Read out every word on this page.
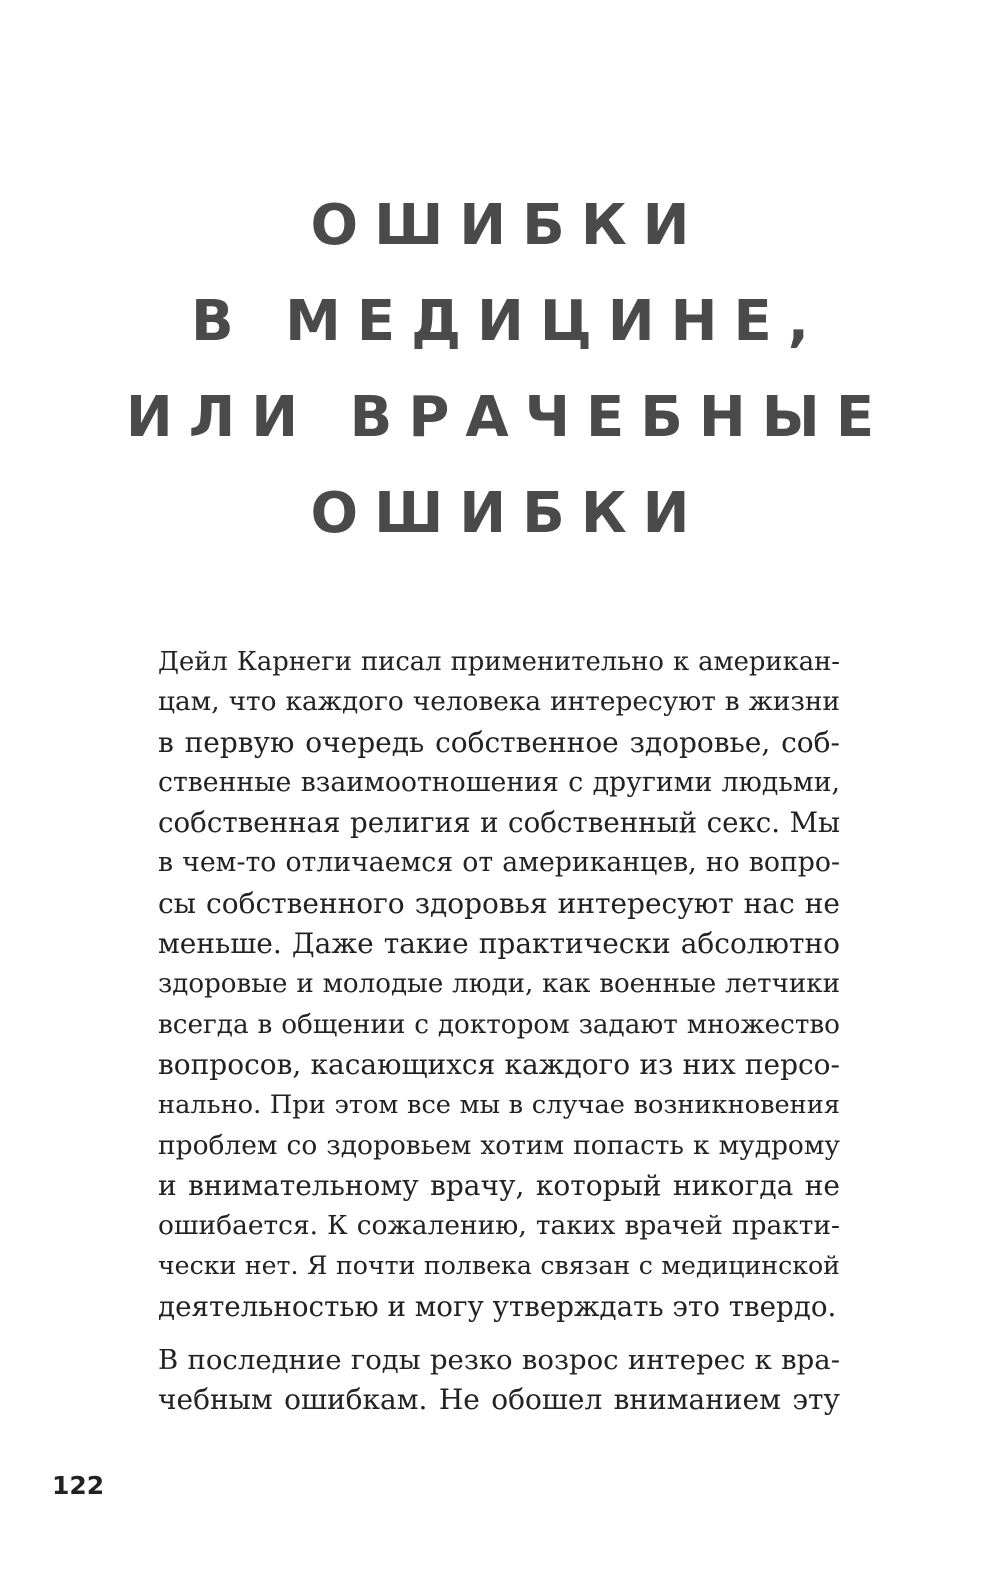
ОШИБКИ
В МЕДИЦИНЕ,
ИЛИ ВРАЧЕБНЫЕ
ОШИБКИ

Дейл Карнеги писал применительно к американ-
цам, что каждого человека интересуют в жизни
в первую очередь собственное здоровье, соб-
ственные взаимоотношения с другими людьми,
собственная религия и собственный секс. Мы
в чем-то отличаемся от американцев, но вопро-
сы собственного здоровья интересуют нас не
меньше. Даже такие практически абсолютно
здоровые и молодые люди, как военные летчики
всегда в общении с доктором задают множество
вопросов, касающихся каждого из них персо-
нально. При этом все мы в случае возникновения
проблем со здоровьем хотим попасть к мудрому
и внимательному врачу, который никогда не
ошибается. К сожалению, таких врачей практи-
чески нет. Я почти полвека связан с медицинской
деятельностью и могу утверждать это твердо.

В последние годы резко возрос интерес к вра-
чебным ошибкам. Не обошел вниманием эту

122
